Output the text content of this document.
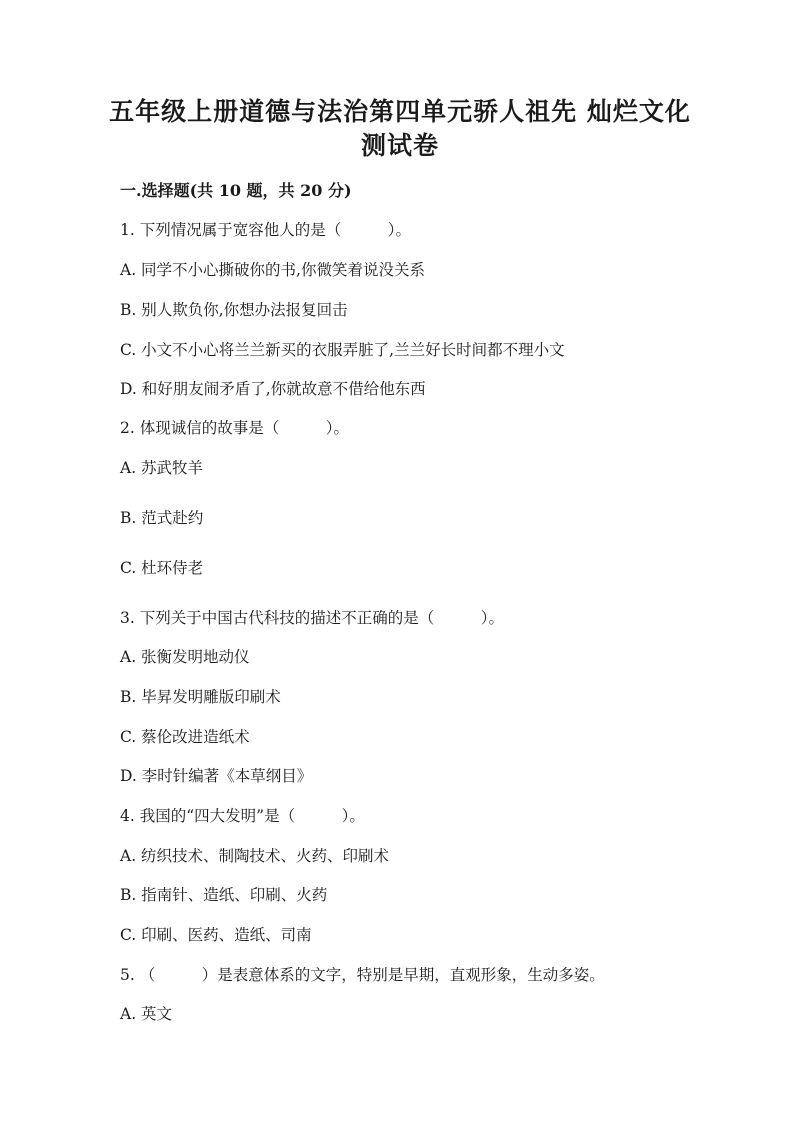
五年级上册道德与法治第四单元骄人祖先 灿烂文化
测试卷
一.选择题(共 10 题，共 20 分)
1. 下列情况属于宽容他人的是（　　　）。
A. 同学不小心撕破你的书,你微笑着说没关系
B. 别人欺负你,你想办法报复回击
C. 小文不小心将兰兰新买的衣服弄脏了,兰兰好长时间都不理小文
D. 和好朋友闹矛盾了,你就故意不借给他东西
2. 体现诚信的故事是（　　　）。
A. 苏武牧羊
B. 范式赴约
C. 杜环侍老
3. 下列关于中国古代科技的描述不正确的是（　　　）。
A. 张衡发明地动仪
B. 毕昇发明雕版印刷术
C. 蔡伦改进造纸术
D. 李时针编著《本草纲目》
4. 我国的“四大发明”是（　　　）。
A. 纺织技术、制陶技术、火药、印刷术
B. 指南针、造纸、印刷、火药
C. 印刷、医药、造纸、司南
5. （　　　）是表意体系的文字，特别是早期，直观形象，生动多姿。
A. 英文
